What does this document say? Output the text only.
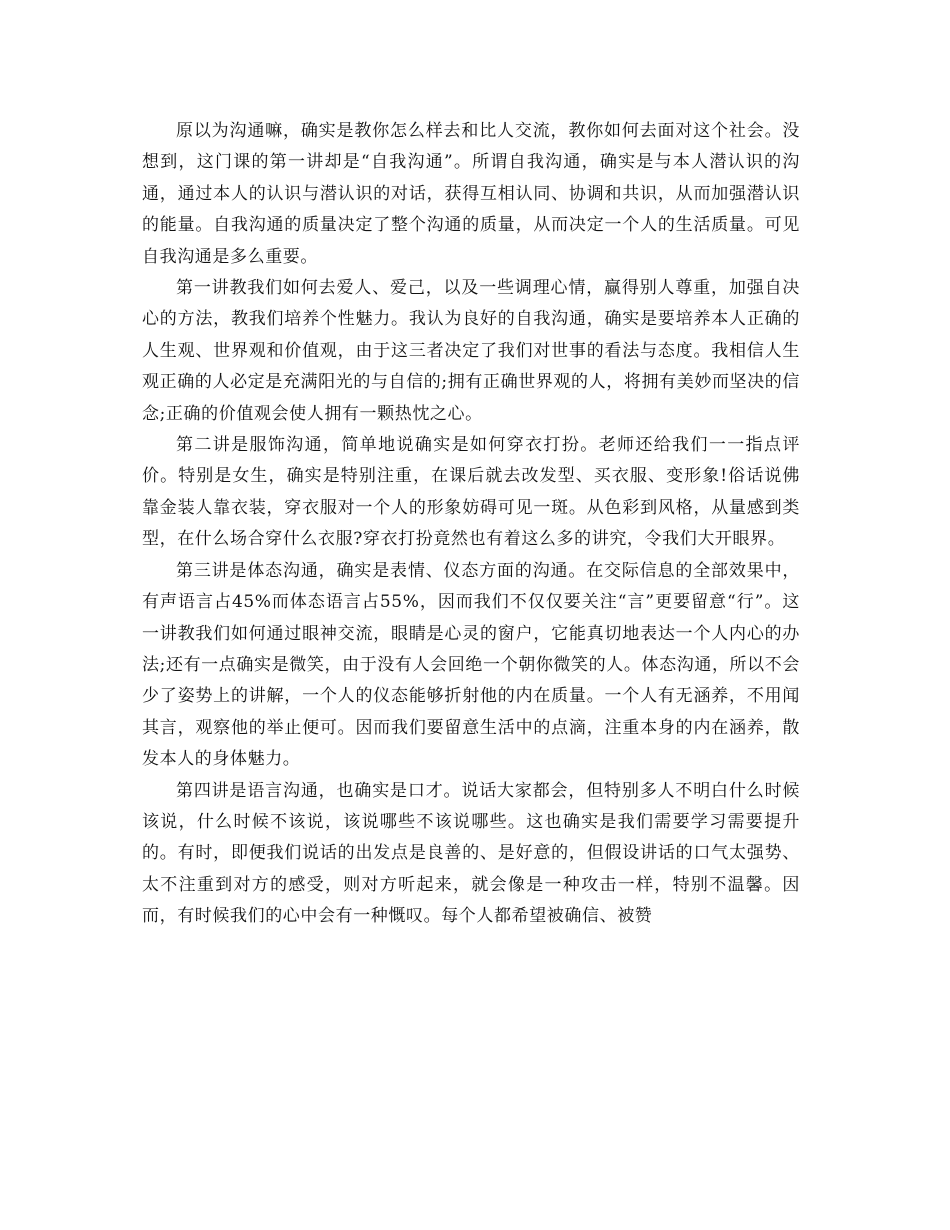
原以为沟通嘛，确实是教你怎么样去和比人交流，教你如何去面对这个社会。没想到，这门课的第一讲却是“自我沟通”。所谓自我沟通，确实是与本人潜认识的沟通，通过本人的认识与潜认识的对话，获得互相认同、协调和共识，从而加强潜认识的能量。自我沟通的质量决定了整个沟通的质量，从而决定一个人的生活质量。可见自我沟通是多么重要。

第一讲教我们如何去爱人、爱己，以及一些调理心情，赢得别人尊重，加强自决心的方法，教我们培养个性魅力。我认为良好的自我沟通，确实是要培养本人正确的人生观、世界观和价值观，由于这三者决定了我们对世事的看法与态度。我相信人生观正确的人必定是充满阳光的与自信的;拥有正确世界观的人，将拥有美妙而坚决的信念;正确的价值观会使人拥有一颗热忱之心。

第二讲是服饰沟通，简单地说确实是如何穿衣打扮。老师还给我们一一指点评价。特别是女生，确实是特别注重，在课后就去改发型、买衣服、变形象!俗话说佛靠金装人靠衣装，穿衣服对一个人的形象妨碍可见一斑。从色彩到风格，从量感到类型，在什么场合穿什么衣服?穿衣打扮竟然也有着这么多的讲究，令我们大开眼界。

第三讲是体态沟通，确实是表情、仪态方面的沟通。在交际信息的全部效果中，有声语言占45%而体态语言占55%，因而我们不仅仅要关注“言”更要留意“行”。这一讲教我们如何通过眼神交流，眼睛是心灵的窗户，它能真切地表达一个人内心的办法;还有一点确实是微笑，由于没有人会回绝一个朝你微笑的人。体态沟通，所以不会少了姿势上的讲解，一个人的仪态能够折射他的内在质量。一个人有无涵养，不用闻其言，观察他的举止便可。因而我们要留意生活中的点滴，注重本身的内在涵养，散发本人的身体魅力。

第四讲是语言沟通，也确实是口才。说话大家都会，但特别多人不明白什么时候该说，什么时候不该说，该说哪些不该说哪些。这也确实是我们需要学习需要提升的。有时，即便我们说话的出发点是良善的、是好意的，但假设讲话的口气太强势、太不注重到对方的感受，则对方听起来，就会像是一种攻击一样，特别不温馨。因而，有时候我们的心中会有一种慨叹。每个人都希望被确信、被赞
